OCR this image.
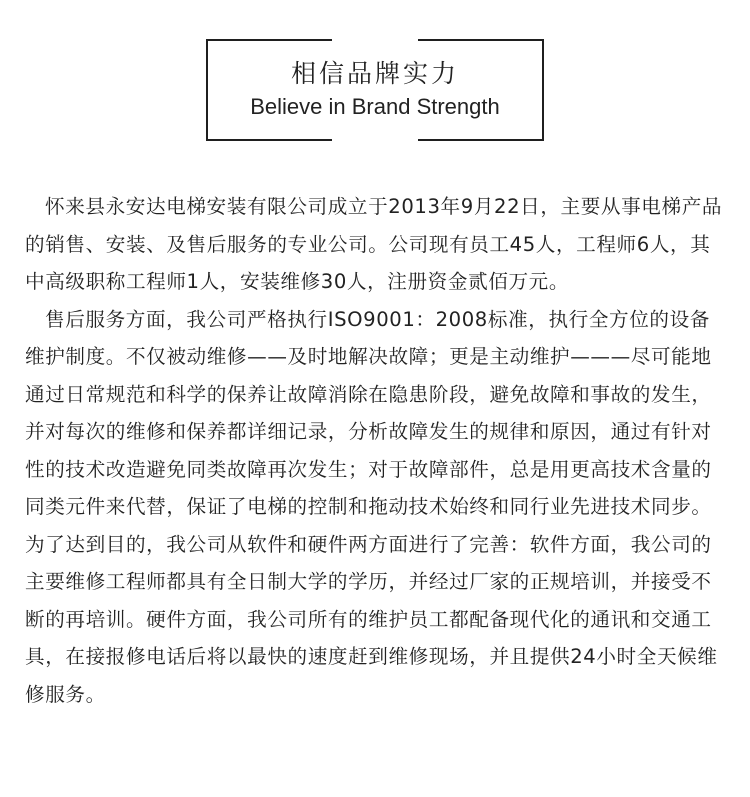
相信品牌实力
Believe in Brand Strength

怀来县永安达电梯安装有限公司成立于2013年9月22日，主要从事电梯产品的销售、安装、及售后服务的专业公司。公司现有员工45人，工程师6人，其中高级职称工程师1人，安装维修30人，注册资金贰佰万元。

售后服务方面，我公司严格执行ISO9001：2008标准，执行全方位的设备维护制度。不仅被动维修——及时地解决故障；更是主动维护———尽可能地通过日常规范和科学的保养让故障消除在隐患阶段，避免故障和事故的发生，并对每次的维修和保养都详细记录，分析故障发生的规律和原因，通过有针对性的技术改造避免同类故障再次发生；对于故障部件，总是用更高技术含量的同类元件来代替，保证了电梯的控制和拖动技术始终和同行业先进技术同步。为了达到目的，我公司从软件和硬件两方面进行了完善：软件方面，我公司的主要维修工程师都具有全日制大学的学历，并经过厂家的正规培训，并接受不断的再培训。硬件方面，我公司所有的维护员工都配备现代化的通讯和交通工具，在接报修电话后将以最快的速度赶到维修现场，并且提供24小时全天候维修服务。
